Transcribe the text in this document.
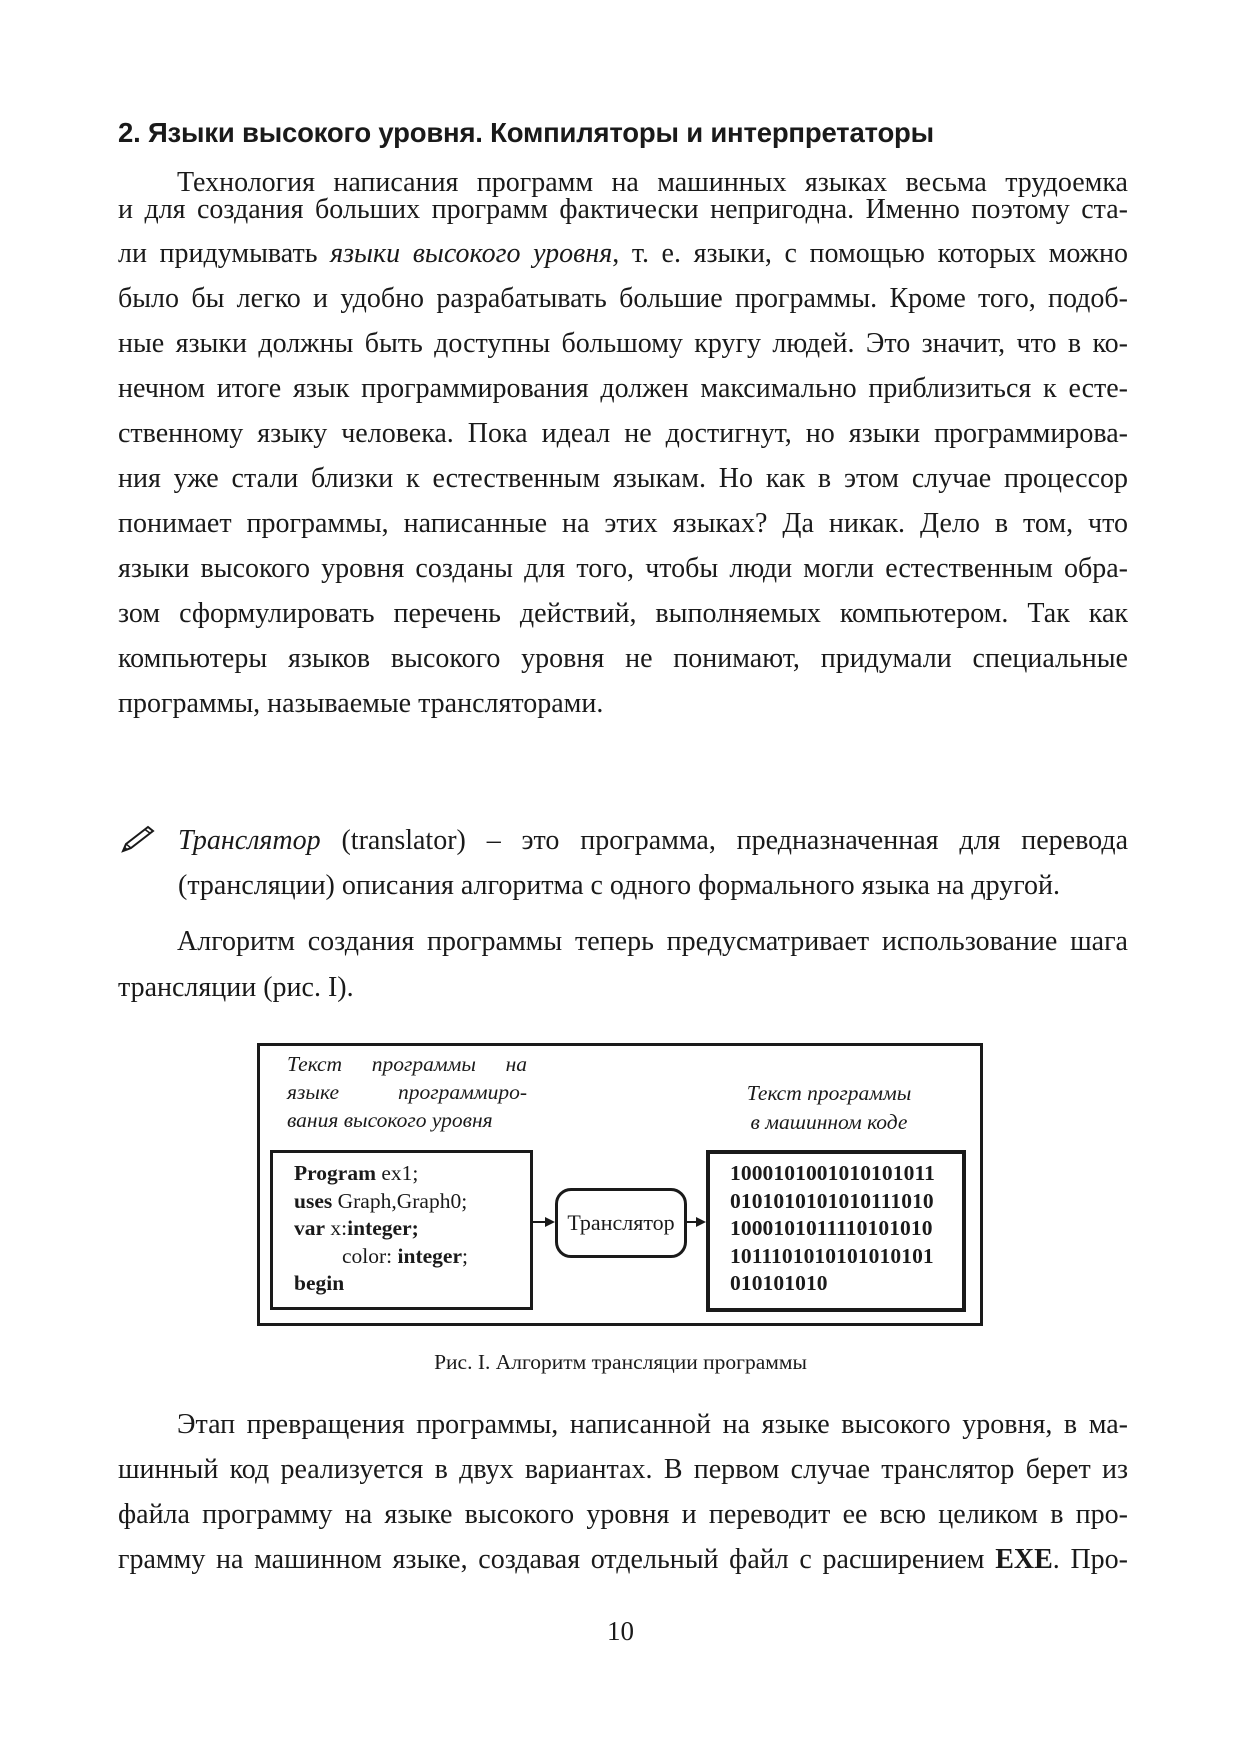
2. Языки высокого уровня. Компиляторы и интерпретаторы
Технология написания программ на машинных языках весьма трудоемка
и для создания больших программ фактически непригодна. Именно поэтому ста-
ли придумывать языки высокого уровня, т. е. языки, с помощью которых можно
было бы легко и удобно разрабатывать большие программы. Кроме того, подоб-
ные языки должны быть доступны большому кругу людей. Это значит, что в ко-
нечном итоге язык программирования должен максимально приблизиться к есте-
ственному языку человека. Пока идеал не достигнут, но языки программирова-
ния уже стали близки к естественным языкам. Но как в этом случае процессор
понимает программы, написанные на этих языках? Да никак. Дело в том, что
языки высокого уровня созданы для того, чтобы люди могли естественным обра-
зом сформулировать перечень действий, выполняемых компьютером. Так как
компьютеры языков высокого уровня не понимают, придумали специальные
программы, называемые трансляторами.
Транслятор (translator) – это программа, предназначенная для перевода
(трансляции) описания алгоритма с одного формального языка на другой.
Алгоритм создания программы теперь предусматривает использование шага
трансляции (рис. I).
Текст программы на
языке программиро-
вания высокого уровня
Текст программы
в машинном коде
Program ex1;
uses Graph,Graph0;
var x:integer;
color: integer;
begin
Транслятор
1000101001010101011
0101010101010111010
1000101011110101010
1011101010101010101
010101010
Рис. I. Алгоритм трансляции программы
Этап превращения программы, написанной на языке высокого уровня, в ма-
шинный код реализуется в двух вариантах. В первом случае транслятор берет из
файла программу на языке высокого уровня и переводит ее всю целиком в про-
грамму на машинном языке, создавая отдельный файл с расширением EXE. Про-
10
